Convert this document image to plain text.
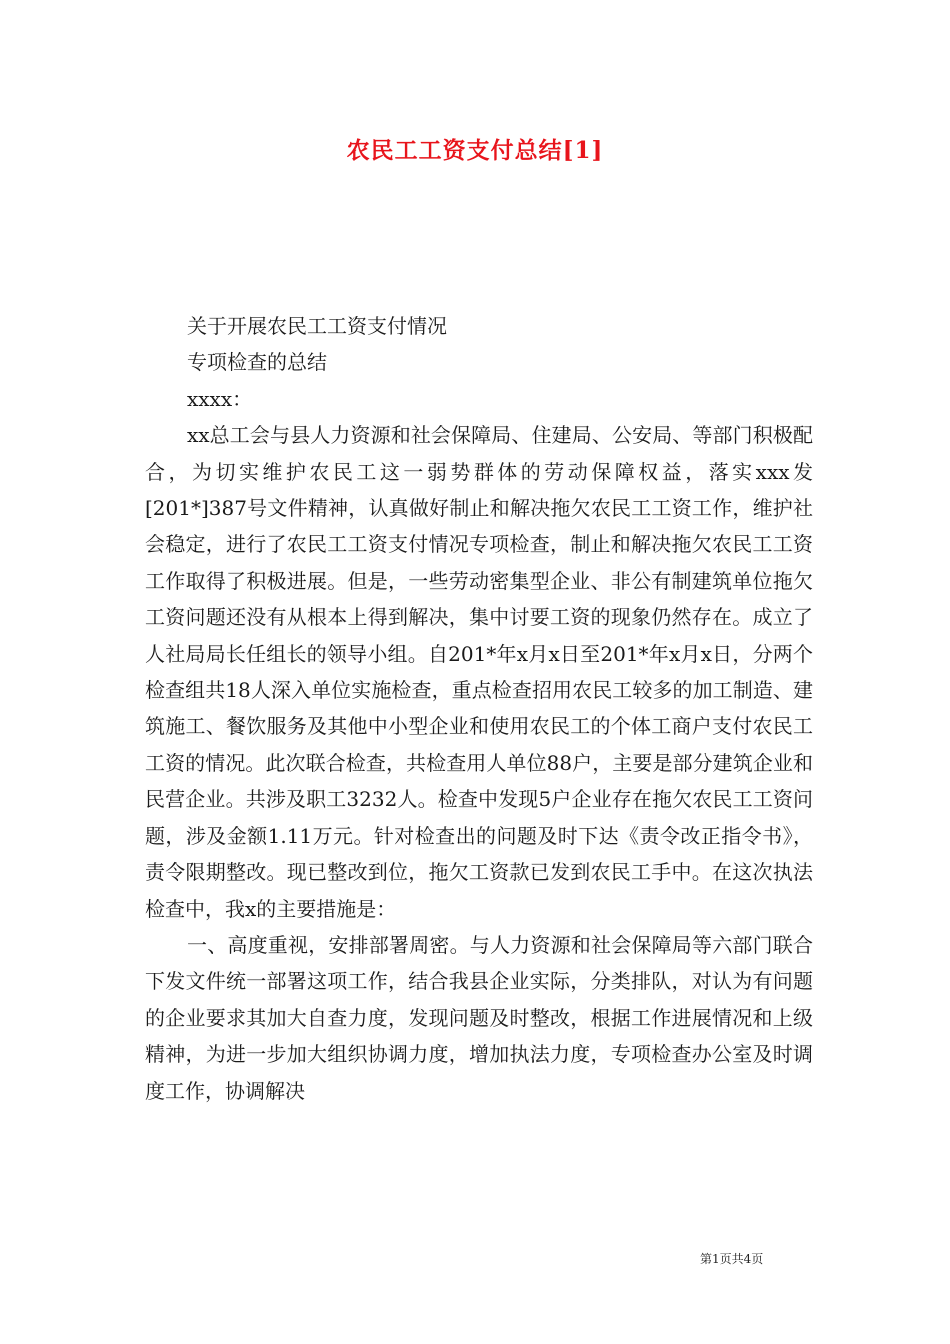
农民工工资支付总结[1]

关于开展农民工工资支付情况

专项检查的总结

xxxx：

xx总工会与县人力资源和社会保障局、住建局、公安局、等部门积极配合，为切实维护农民工这一弱势群体的劳动保障权益，落实xxx发[201*]387号文件精神，认真做好制止和解决拖欠农民工工资工作，维护社会稳定，进行了农民工工资支付情况专项检查，制止和解决拖欠农民工工资工作取得了积极进展。但是，一些劳动密集型企业、非公有制建筑单位拖欠工资问题还没有从根本上得到解决，集中讨要工资的现象仍然存在。成立了人社局局长任组长的领导小组。自201*年x月x日至201*年x月x日，分两个检查组共18人深入单位实施检查，重点检查招用农民工较多的加工制造、建筑施工、餐饮服务及其他中小型企业和使用农民工的个体工商户支付农民工工资的情况。此次联合检查，共检查用人单位88户，主要是部分建筑企业和民营企业。共涉及职工3232人。检查中发现5户企业存在拖欠农民工工资问题，涉及金额1.11万元。针对检查出的问题及时下达《责令改正指令书》，责令限期整改。现已整改到位，拖欠工资款已发到农民工手中。在这次执法检查中，我x的主要措施是：

一、高度重视，安排部署周密。与人力资源和社会保障局等六部门联合下发文件统一部署这项工作，结合我县企业实际，分类排队，对认为有问题的企业要求其加大自查力度，发现问题及时整改，根据工作进展情况和上级精神，为进一步加大组织协调力度，增加执法力度，专项检查办公室及时调度工作，协调解决

第1页共4页
